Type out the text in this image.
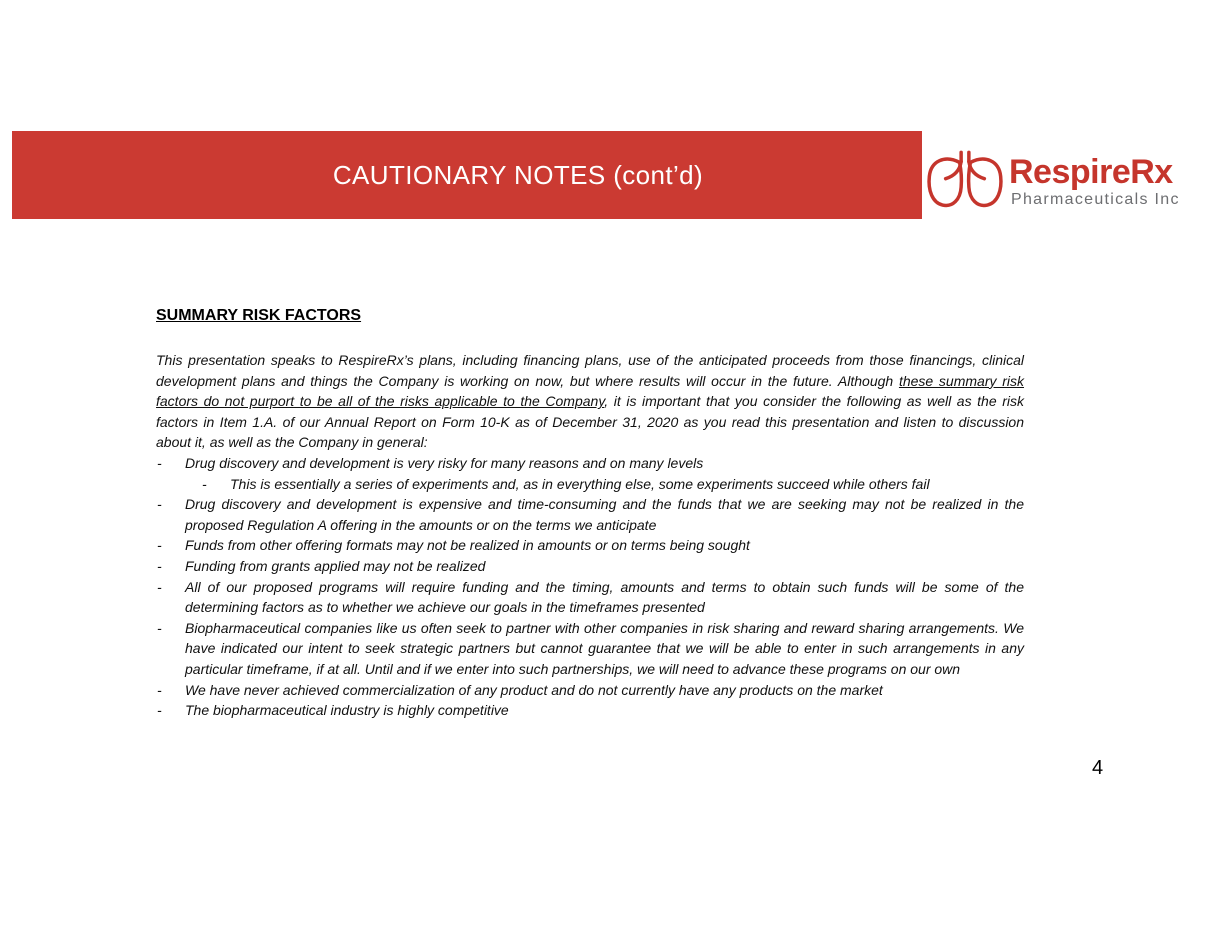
CAUTIONARY NOTES (cont’d)	RespireRx
Pharmaceuticals Inc
SUMMARY RISK FACTORS

This presentation speaks to RespireRx’s plans, including financing plans, use of the anticipated proceeds from those financings, clinical development plans and things the Company is working on now, but where results will occur in the future. Although these summary risk factors do not purport to be all of the risks applicable to the Company, it is important that you consider the following as well as the risk factors in Item 1.A. of our Annual Report on Form 10-K as of December 31, 2020 as you read this presentation and listen to discussion about it, as well as the Company in general:

- Drug discovery and development is very risky for many reasons and on many levels
- This is essentially a series of experiments and, as in everything else, some experiments succeed while others fail
- Drug discovery and development is expensive and time-consuming and the funds that we are seeking may not be realized in the proposed Regulation A offering in the amounts or on the terms we anticipate
- Funds from other offering formats may not be realized in amounts or on terms being sought
- Funding from grants applied may not be realized
- All of our proposed programs will require funding and the timing, amounts and terms to obtain such funds will be some of the determining factors as to whether we achieve our goals in the timeframes presented
- Biopharmaceutical companies like us often seek to partner with other companies in risk sharing and reward sharing arrangements. We have indicated our intent to seek strategic partners but cannot guarantee that we will be able to enter in such arrangements in any particular timeframe, if at all. Until and if we enter into such partnerships, we will need to advance these programs on our own
- We have never achieved commercialization of any product and do not currently have any products on the market
- The biopharmaceutical industry is highly competitive
4
